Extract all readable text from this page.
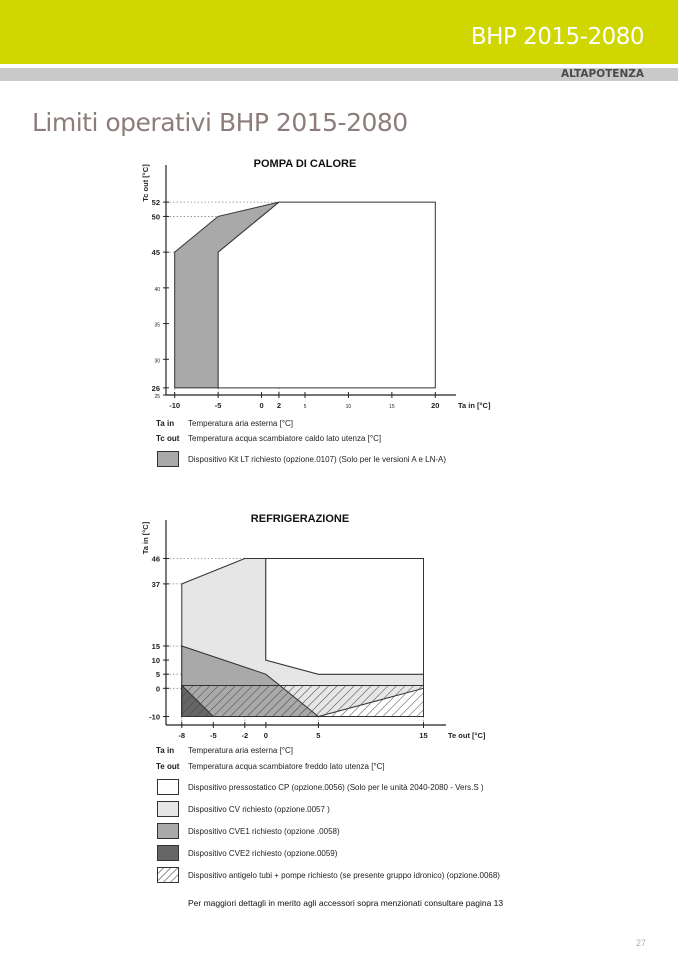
BHP 2015-2080
ALTAPOTENZA
Limiti operativi BHP 2015-2080
POMPA DI CALORE
-10	-5	0 2	5	10	15	20
25
26
30
35
40
45
50
52
Ta in [°C]
Tc out [°C]
Ta in Temperatura aria esterna [°C]
Tc out Temperatura acqua scambiatore caldo lato utenza [°C]
Dispositivo Kit LT richiesto (opzione.0107) (Solo per le versioni A e LN-A)
REFRIGERAZIONE
-8	-5	-2 0	5	15
-10
0
5
10
15
37
46
Te out [°C]
Ta in [°C]
Ta in Temperatura aria esterna [°C]
Te out Temperatura acqua scambiatore freddo lato utenza [°C]
Dispositivo pressostatico CP (opzione.0056) (Solo per le unità 2040-2080 - Vers.S )
Dispositivo CV richiesto (opzione.0057 )
Dispositivo CVE1 richiesto (opzione .0058)
Dispositivo CVE2 richiesto (opzione.0059)
Dispositivo antigelo tubi + pompe richiesto (se presente gruppo idronico) (opzione.0068)
Per maggiori dettagli in merito agli accessori sopra menzionati consultare pagina 13
27
